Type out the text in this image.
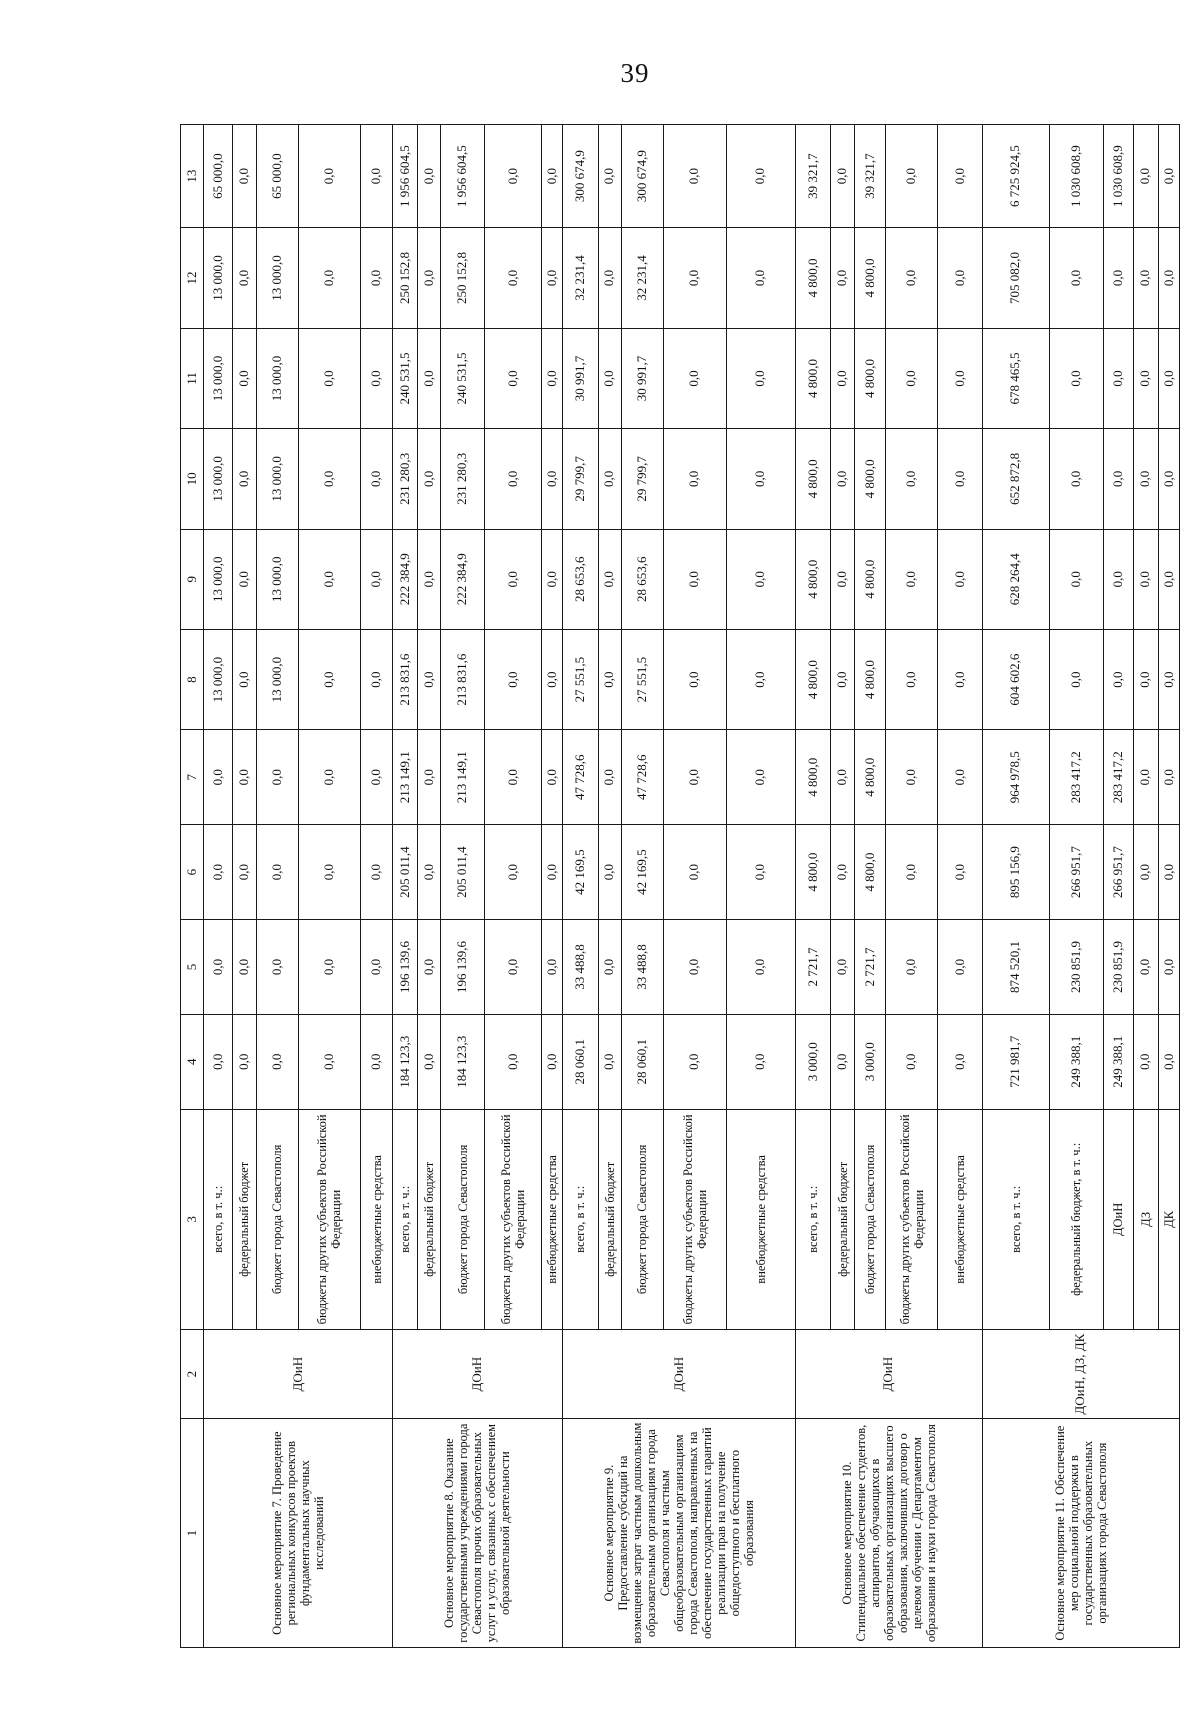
39
1	2	3	4	5	6	7	8	9	10	11	12	13
Основное мероприятие 7. Проведение региональных конкурсов проектов фундаментальных научных исследований	ДОиН	всего, в т. ч.:	0,0	0,0	0,0	0,0	13 000,0	13 000,0	13 000,0	13 000,0	13 000,0	65 000,0
		федеральный бюджет	0,0	0,0	0,0	0,0	0,0	0,0	0,0	0,0	0,0	0,0
		бюджет города Севастополя	0,0	0,0	0,0	0,0	13 000,0	13 000,0	13 000,0	13 000,0	13 000,0	65 000,0
		бюджеты других субъектов Российской Федерации	0,0	0,0	0,0	0,0	0,0	0,0	0,0	0,0	0,0	0,0
		внебюджетные средства	0,0	0,0	0,0	0,0	0,0	0,0	0,0	0,0	0,0	0,0
Основное мероприятие 8. Оказание государственными учреждениями города Севастополя прочих образовательных услуг и услуг, связанных с обеспечением образовательной деятельности	ДОиН	всего, в т. ч.:	184 123,3	196 139,6	205 011,4	213 149,1	213 831,6	222 384,9	231 280,3	240 531,5	250 152,8	1 956 604,5
		федеральный бюджет	0,0	0,0	0,0	0,0	0,0	0,0	0,0	0,0	0,0	0,0
		бюджет города Севастополя	184 123,3	196 139,6	205 011,4	213 149,1	213 831,6	222 384,9	231 280,3	240 531,5	250 152,8	1 956 604,5
		бюджеты других субъектов Российской Федерации	0,0	0,0	0,0	0,0	0,0	0,0	0,0	0,0	0,0	0,0
		внебюджетные средства	0,0	0,0	0,0	0,0	0,0	0,0	0,0	0,0	0,0	0,0
Основное мероприятие 9. Предоставление субсидий на возмещение затрат частным дошкольным образовательным организациям города Севастополя и частным общеобразовательным организациям города Севастополя, направленных на обеспечение государственных гарантий реализации прав на получение общедоступного и бесплатного образования	ДОиН	всего, в т. ч.:	28 060,1	33 488,8	42 169,5	47 728,6	27 551,5	28 653,6	29 799,7	30 991,7	32 231,4	300 674,9
		федеральный бюджет	0,0	0,0	0,0	0,0	0,0	0,0	0,0	0,0	0,0	0,0
		бюджет города Севастополя	28 060,1	33 488,8	42 169,5	47 728,6	27 551,5	28 653,6	29 799,7	30 991,7	32 231,4	300 674,9
		бюджеты других субъектов Российской Федерации	0,0	0,0	0,0	0,0	0,0	0,0	0,0	0,0	0,0	0,0
		внебюджетные средства	0,0	0,0	0,0	0,0	0,0	0,0	0,0	0,0	0,0	0,0
Основное мероприятие 10. Стипендиальное обеспечение студентов, аспирантов, обучающихся в образовательных организациях высшего образования, заключивших договор о целевом обучении с Департаментом образования и науки города Севастополя	ДОиН	всего, в т. ч.:	3 000,0	2 721,7	4 800,0	4 800,0	4 800,0	4 800,0	4 800,0	4 800,0	4 800,0	39 321,7
		федеральный бюджет	0,0	0,0	0,0	0,0	0,0	0,0	0,0	0,0	0,0	0,0
		бюджет города Севастополя	3 000,0	2 721,7	4 800,0	4 800,0	4 800,0	4 800,0	4 800,0	4 800,0	4 800,0	39 321,7
		бюджеты других субъектов Российской Федерации	0,0	0,0	0,0	0,0	0,0	0,0	0,0	0,0	0,0	0,0
		внебюджетные средства	0,0	0,0	0,0	0,0	0,0	0,0	0,0	0,0	0,0	0,0
Основное мероприятие 11. Обеспечение мер социальной поддержки в государственных образовательных организациях города Севастополя	ДОиН, ДЗ, ДК	всего, в т. ч.:	721 981,7	874 520,1	895 156,9	964 978,5	604 602,6	628 264,4	652 872,8	678 465,5	705 082,0	6 725 924,5
		федеральный бюджет, в т. ч.:	249 388,1	230 851,9	266 951,7	283 417,2	0,0	0,0	0,0	0,0	0,0	1 030 608,9
		ДОиН	249 388,1	230 851,9	266 951,7	283 417,2	0,0	0,0	0,0	0,0	0,0	1 030 608,9
		ДЗ	0,0	0,0	0,0	0,0	0,0	0,0	0,0	0,0	0,0	0,0
		ДК	0,0	0,0	0,0	0,0	0,0	0,0	0,0	0,0	0,0	0,0
